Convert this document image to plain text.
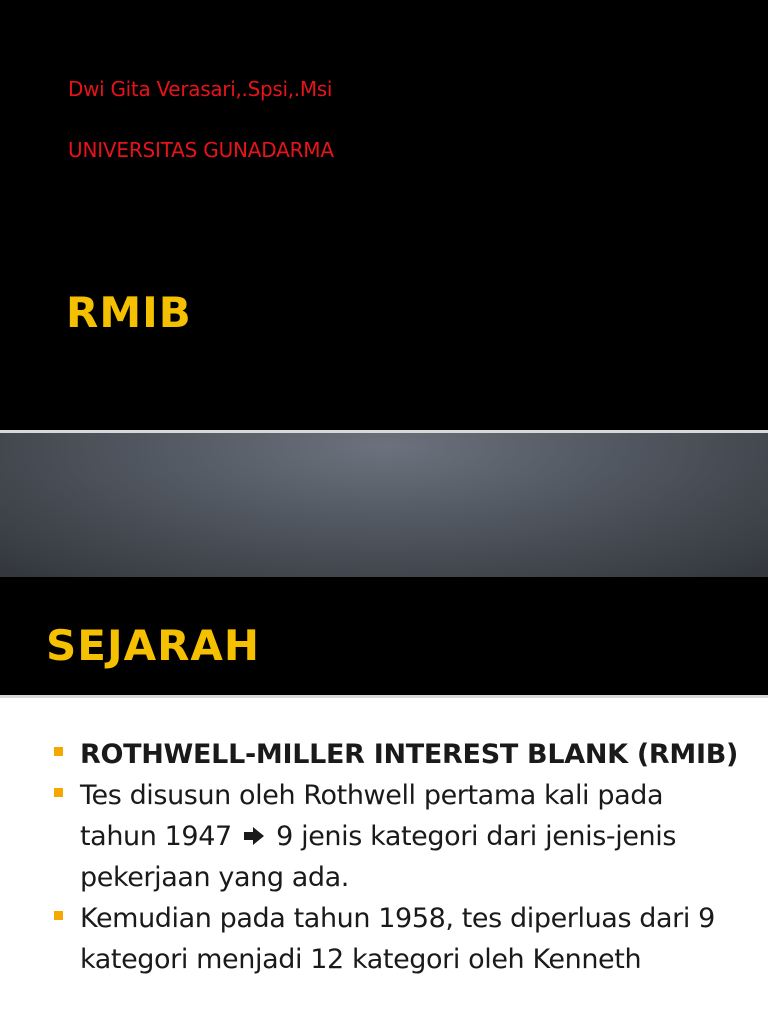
Dwi Gita Verasari,.Spsi,.Msi
UNIVERSITAS GUNADARMA
RMIB
SEJARAH
ROTHWELL-MILLER INTEREST BLANK (RMIB)
Tes disusun oleh Rothwell pertama kali pada tahun 1947 9 jenis kategori dari jenis-jenis pekerjaan yang ada.
Kemudian pada tahun 1958, tes diperluas dari 9 kategori menjadi 12 kategori oleh Kenneth
